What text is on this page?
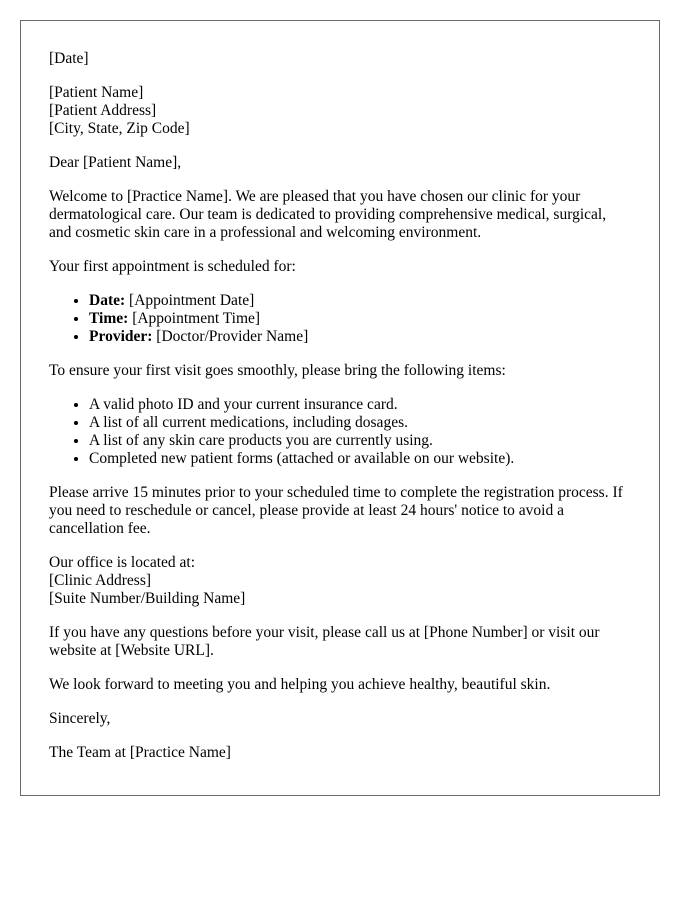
[Date]

[Patient Name]
[Patient Address]
[City, State, Zip Code]

Dear [Patient Name],

Welcome to [Practice Name]. We are pleased that you have chosen our clinic for your dermatological care. Our team is dedicated to providing comprehensive medical, surgical, and cosmetic skin care in a professional and welcoming environment.

Your first appointment is scheduled for:

• Date: [Appointment Date]
• Time: [Appointment Time]
• Provider: [Doctor/Provider Name]

To ensure your first visit goes smoothly, please bring the following items:

• A valid photo ID and your current insurance card.
• A list of all current medications, including dosages.
• A list of any skin care products you are currently using.
• Completed new patient forms (attached or available on our website).

Please arrive 15 minutes prior to your scheduled time to complete the registration process. If you need to reschedule or cancel, please provide at least 24 hours' notice to avoid a cancellation fee.

Our office is located at:
[Clinic Address]
[Suite Number/Building Name]

If you have any questions before your visit, please call us at [Phone Number] or visit our website at [Website URL].

We look forward to meeting you and helping you achieve healthy, beautiful skin.

Sincerely,

The Team at [Practice Name]
